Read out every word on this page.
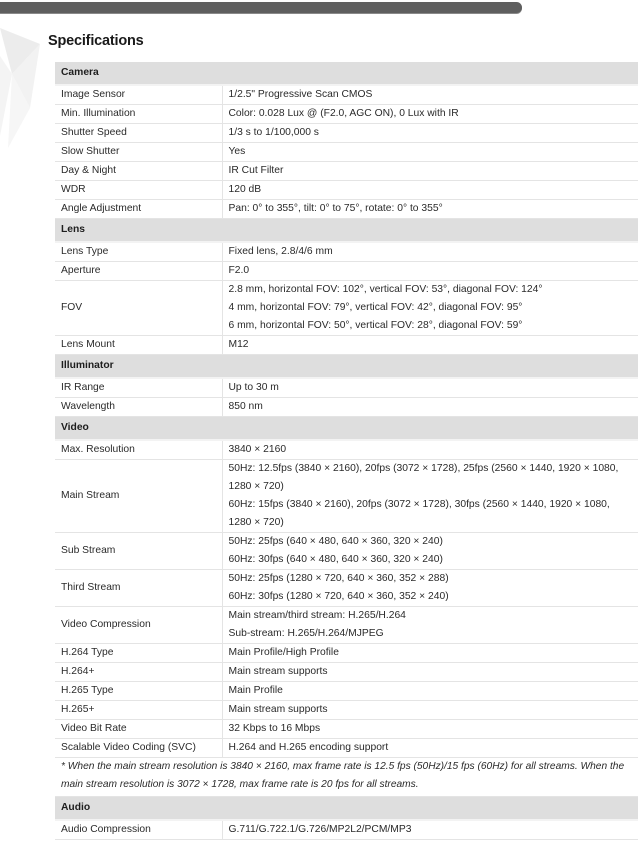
Specifications
Camera	
Image Sensor	1/2.5" Progressive Scan CMOS

Min. Illumination	Color: 0.028 Lux @ (F2.0, AGC ON), 0 Lux with IR

Shutter Speed	1/3 s to 1/100,000 s

Slow Shutter	Yes

Day & Night	IR Cut Filter

WDR	120 dB

Angle Adjustment	Pan: 0° to 355°, tilt: 0° to 75°, rotate: 0° to 355°

Lens	
Lens Type	Fixed lens, 2.8/4/6 mm

Aperture	F2.0

FOV	2.8 mm, horizontal FOV: 102°, vertical FOV: 53°, diagonal FOV: 124°
4 mm, horizontal FOV: 79°, vertical FOV: 42°, diagonal FOV: 95°
6 mm, horizontal FOV: 50°, vertical FOV: 28°, diagonal FOV: 59°

Lens Mount	M12

Illuminator	
IR Range	Up to 30 m

Wavelength	850 nm

Video	
Max. Resolution	3840 × 2160

Main Stream	50Hz: 12.5fps (3840 × 2160), 20fps (3072 × 1728), 25fps (2560 × 1440, 1920 × 1080,
1280 × 720)
60Hz: 15fps (3840 × 2160), 20fps (3072 × 1728), 30fps (2560 × 1440, 1920 × 1080,
1280 × 720)

Sub Stream	50Hz: 25fps (640 × 480, 640 × 360, 320 × 240)
60Hz: 30fps (640 × 480, 640 × 360, 320 × 240)

Third Stream	50Hz: 25fps (1280 × 720, 640 × 360, 352 × 288)
60Hz: 30fps (1280 × 720, 640 × 360, 352 × 240)

Video Compression	Main stream/third stream: H.265/H.264
Sub-stream: H.265/H.264/MJPEG

H.264 Type	Main Profile/High Profile

H.264+	Main stream supports

H.265 Type	Main Profile

H.265+	Main stream supports

Video Bit Rate	32 Kbps to 16 Mbps

Scalable Video Coding (SVC)	H.264 and H.265 encoding support

* When the main stream resolution is 3840 × 2160, max frame rate is 12.5 fps (50Hz)/15 fps (60Hz) for all streams. When the main stream resolution is 3072 × 1728, max frame rate is 20 fps for all streams.	
Audio	
Audio Compression	G.711/G.722.1/G.726/MP2L2/PCM/MP3
